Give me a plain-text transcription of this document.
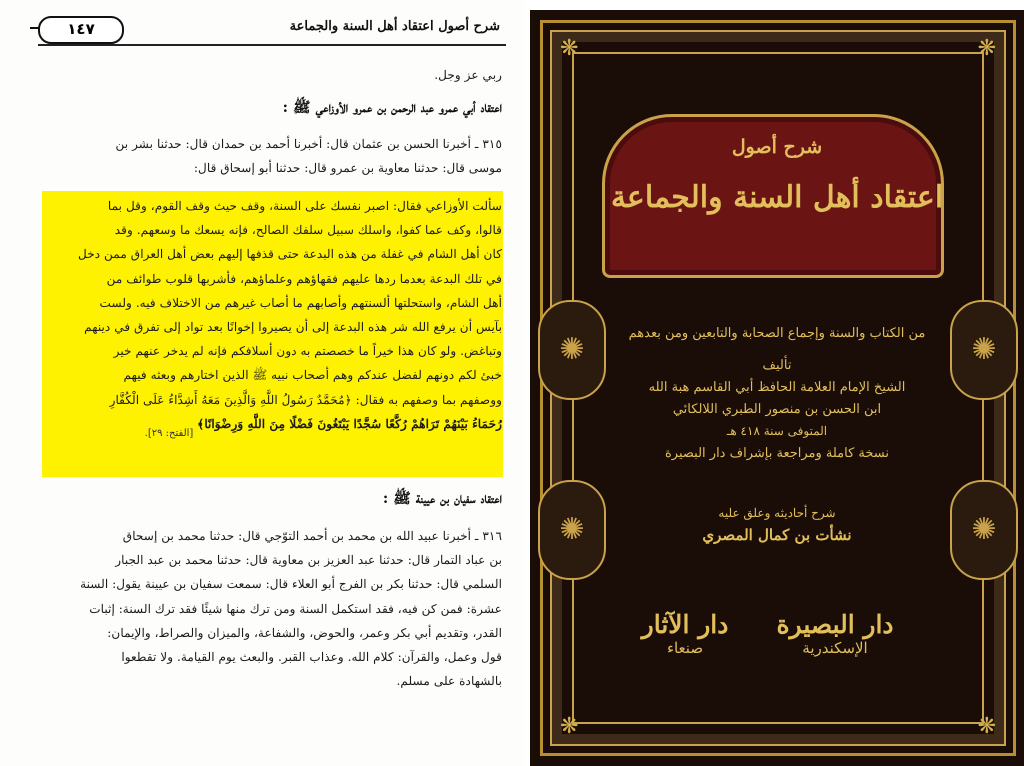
شرح أصول اعتقاد أهل السنة والجماعة
١٤٧
ربي عز وجل.
اعتقاد أبي عمرو عبد الرحمن بن عمرو الأوزاعي ﷺ :
٣١٥ ـ أخبرنا الحسن بن عثمان قال: أخبرنا أحمد بن حمدان قال: حدثنا بشر بن
موسى قال: حدثنا معاوية بن عمرو قال: حدثنا أبو إسحاق قال:
سألت الأوزاعي فقال: اصبر نفسك على السنة، وقف حيث وقف القوم، وقل بما
قالوا، وكف عما كفوا، واسلك سبيل سلفك الصالح، فإنه يسعك ما وسعهم. وقد
كان أهل الشام في غفلة من هذه البدعة حتى قذفها إليهم بعض أهل العراق ممن دخل
في تلك البدعة بعدما ردها عليهم فقهاؤهم وعلماؤهم، فأشربها قلوب طوائف من
أهل الشام، واستحلتها ألسنتهم وأصابهم ما أصاب غيرهم من الاختلاف فيه. ولست
بآيس أن يرفع الله شر هذه البدعة إلى أن يصيروا إخوانًا بعد تواد إلى تفرق في دينهم
وتباغض. ولو كان هذا خيراً ما خصصتم به دون أسلافكم فإنه لم يدخر عنهم خير
خبئ لكم دونهم لفضل عندكم وهم أصحاب نبيه ﷺ الذين اختارهم وبعثه فيهم
ووصفهم بما وصفهم به فقال: ﴿مُحَمَّدٌ رَسُولُ اللَّهِ وَالَّذِينَ مَعَهُ أَشِدَّاءُ عَلَى الْكُفَّارِ
رُحَمَاءُ بَيْنَهُمْ تَرَاهُمْ رُكَّعًا سُجَّدًا يَبْتَغُونَ فَضْلًا مِنَ اللَّهِ وَرِضْوَانًا﴾ [الفتح: ٢٩].
اعتقاد سفيان بن عيينة ﷺ :
٣١٦ ـ أخبرنا عبيد الله بن محمد بن أحمد التوّجي قال: حدثنا محمد بن إسحاق
بن عباد التمار قال: حدثنا عبد العزيز بن معاوية قال: حدثنا محمد بن عبد الجبار
السلمي قال: حدثنا بكر بن الفرج أبو العلاء قال: سمعت سفيان بن عيينة يقول: السنة
عشرة: فمن كن فيه، فقد استكمل السنة ومن ترك منها شيئًا فقد ترك السنة: إثبات
القدر، وتقديم أبي بكر وعمر، والحوض، والشفاعة، والميزان والصراط، والإيمان:
قول وعمل، والقرآن: كلام الله. وعذاب القبر. والبعث يوم القيامة. ولا تقطعوا
بالشهادة على مسلم.
❋	❋
❋	❋
✺	✺
✺	✺
شرح أصول
اعتقاد أهل السنة والجماعة
من الكتاب والسنة وإجماع الصحابة والتابعين ومن بعدهم
تأليف
الشيخ الإمام العلامة الحافظ أبي القاسم هبة الله
ابن الحسن بن منصور الطبري اللالكائي
المتوفى سنة ٤١٨ هـ
نسخة كاملة ومراجعة بإشراف دار البصيرة
شرح أحاديثه وعلق عليه
نشأت بن كمال المصري
دار البصيرة
الإسكندرية
دار الآثار
صنعاء
